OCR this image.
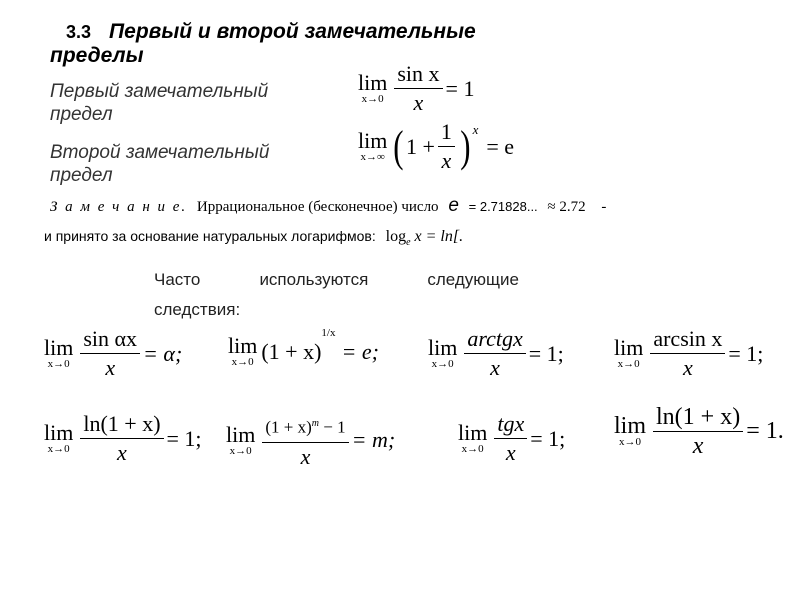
3.3 Первый и второй замечательные
пределы
Первый замечательный
предел
lim
$x\to 0 \frac{\text{sin x}}{x} = 1$
Второй замечательный
предел
lim
x→∞ ( $1 + \frac{1}{x}$ ) x
= e
З а м е ч а н и е. Иррациональное (бесконечное) число e = 2.71828... ≈ 2.72 -
и принято за основание натуральных логарифмов: $\log_e x = \ln$[.
Часто	используются	следующие
следствия:
lim
$x\to 0 \frac{\text{sin αx}}{x} = \alpha$; lim
x→0 (1 + x)
1/x
= e; lim
x→0
arctgx
x
= 1; lim
$x\to 0 \frac{\text{arcsin x}}{x} = 1$;
lim
$x\to 0 \frac{\ln(1 + x)}{x} = 1$; lim
x→0
$(1 + x)^m - 1$
x
= m;	lim
x→0
tgx
x
= 1; lim
$x\to 0 \frac{\ln(1 + x)}{x} = 1$.
